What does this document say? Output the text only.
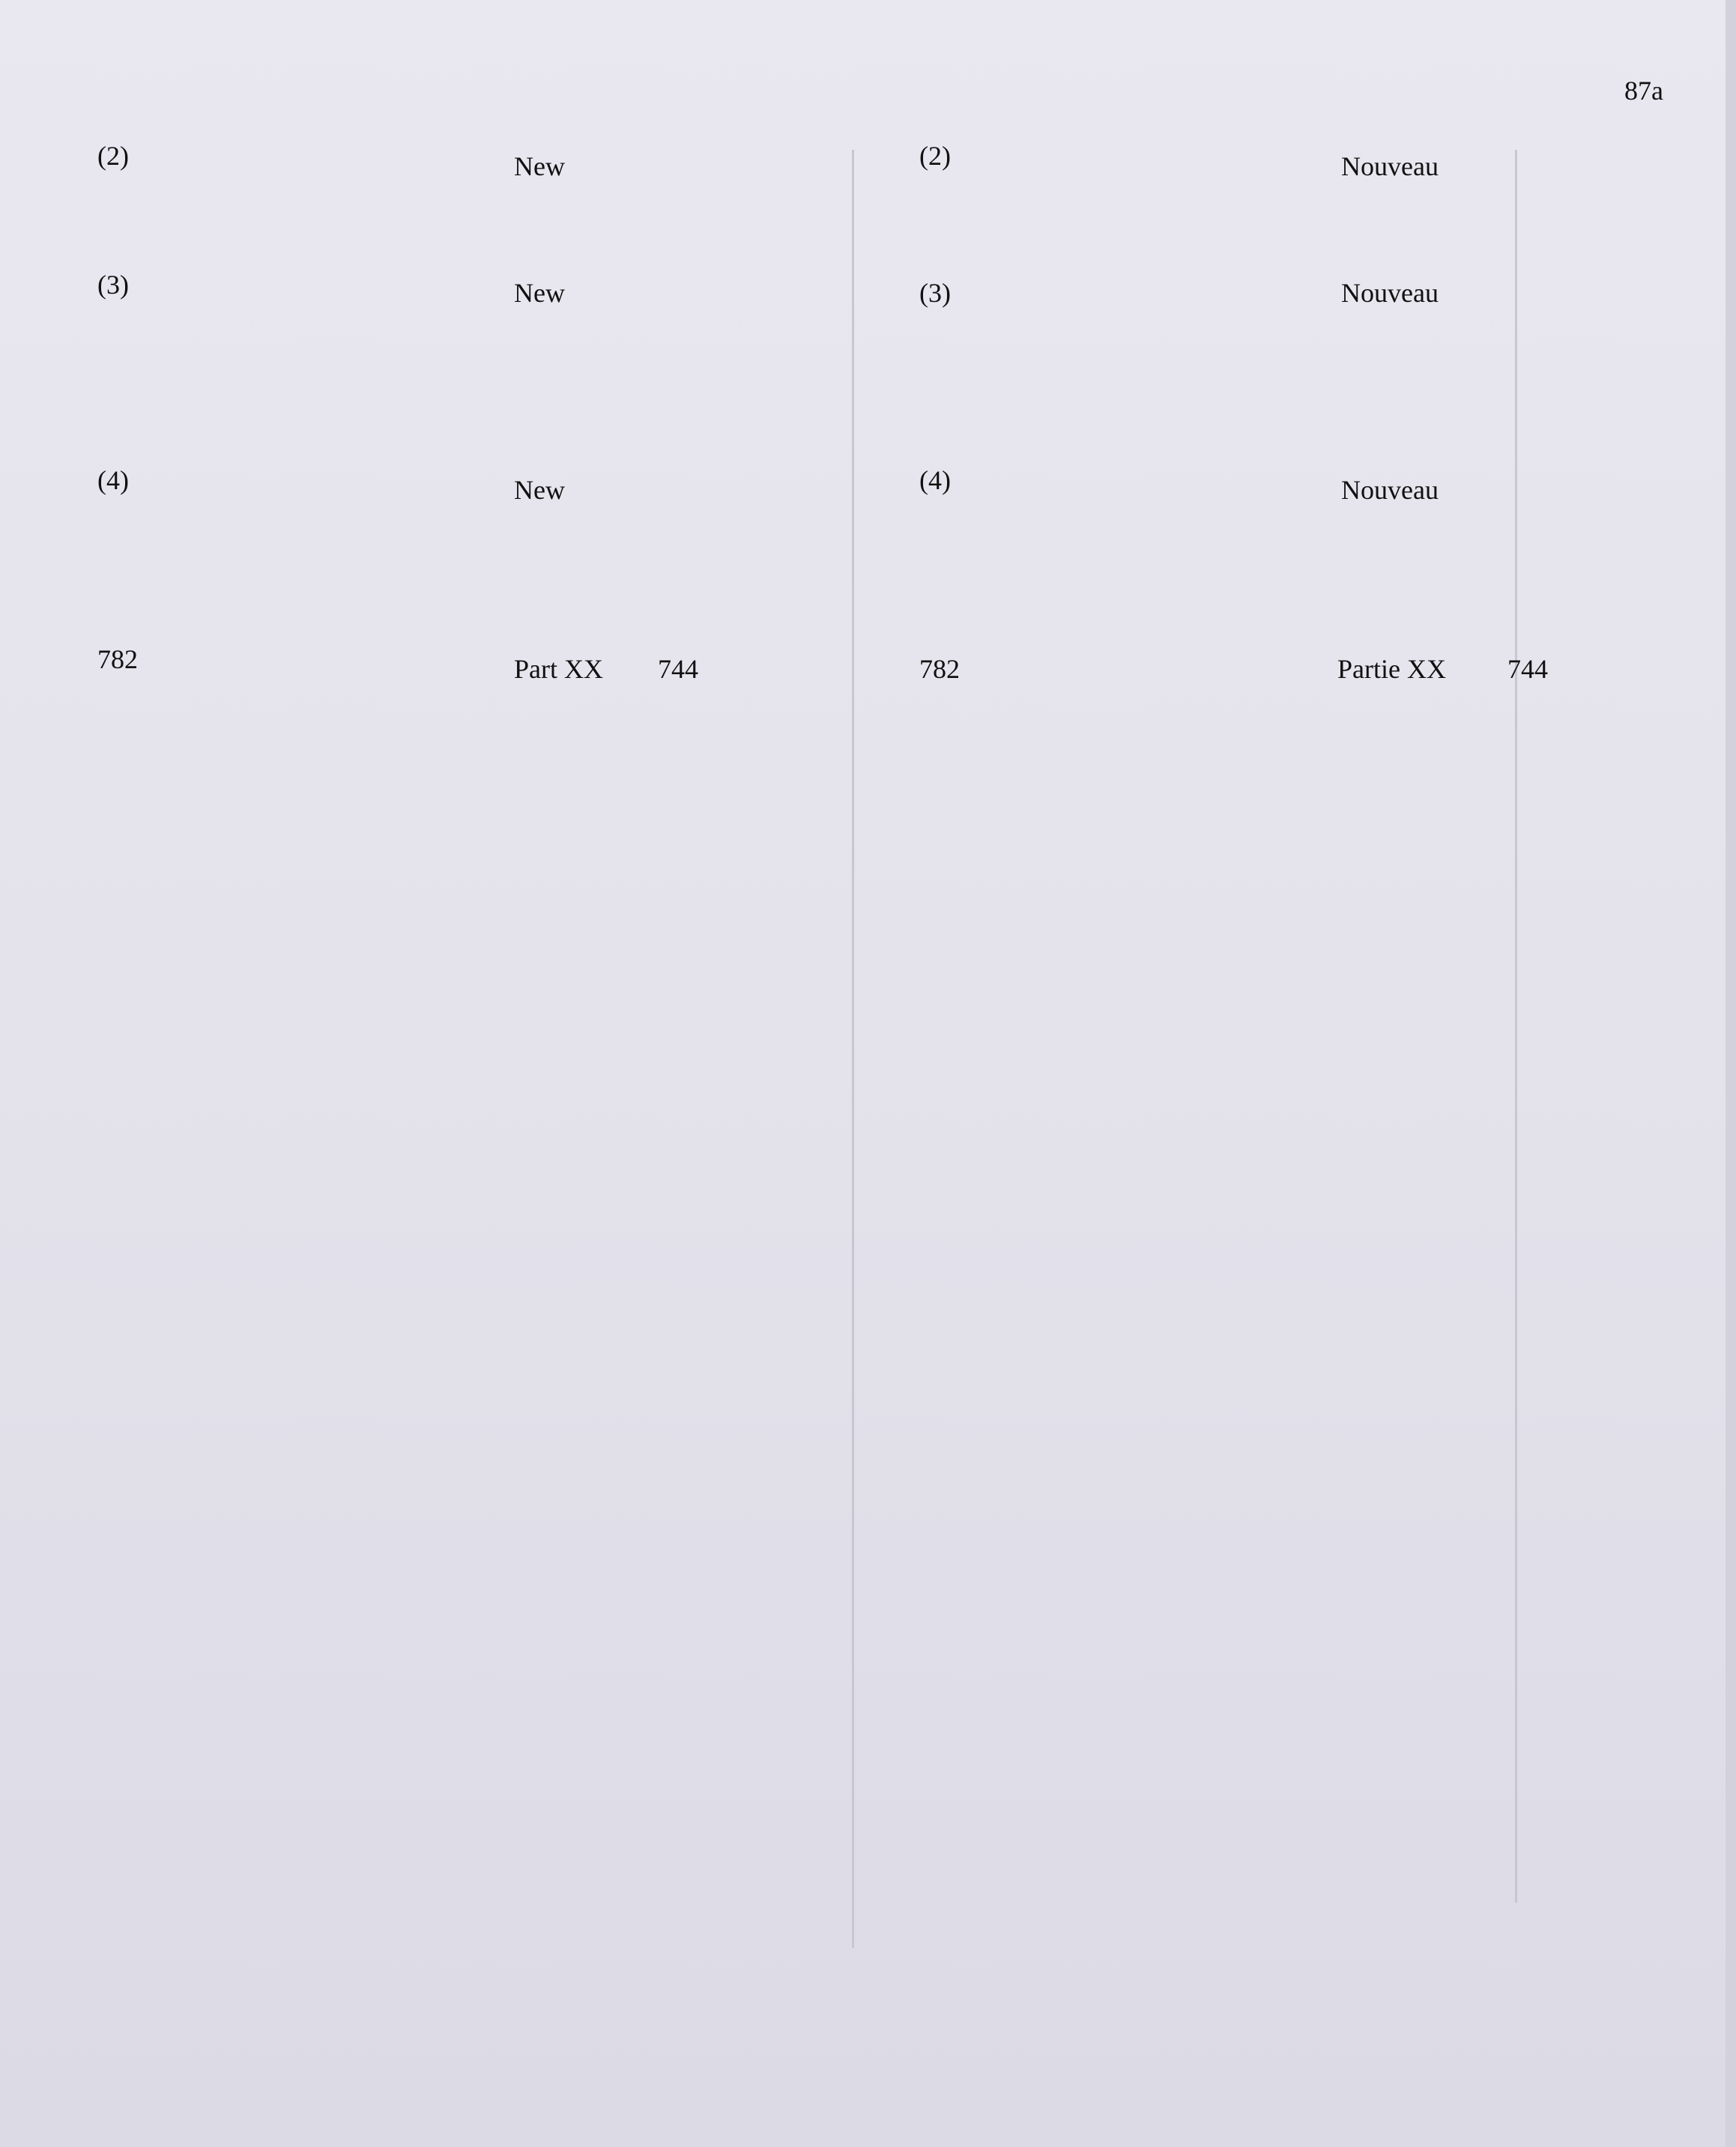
87a
(2)	New
(3)	New
(4)	New
782	Part XX 744
(2)	Nouveau
(3)	Nouveau
(4)	Nouveau
782	Partie XX 744
